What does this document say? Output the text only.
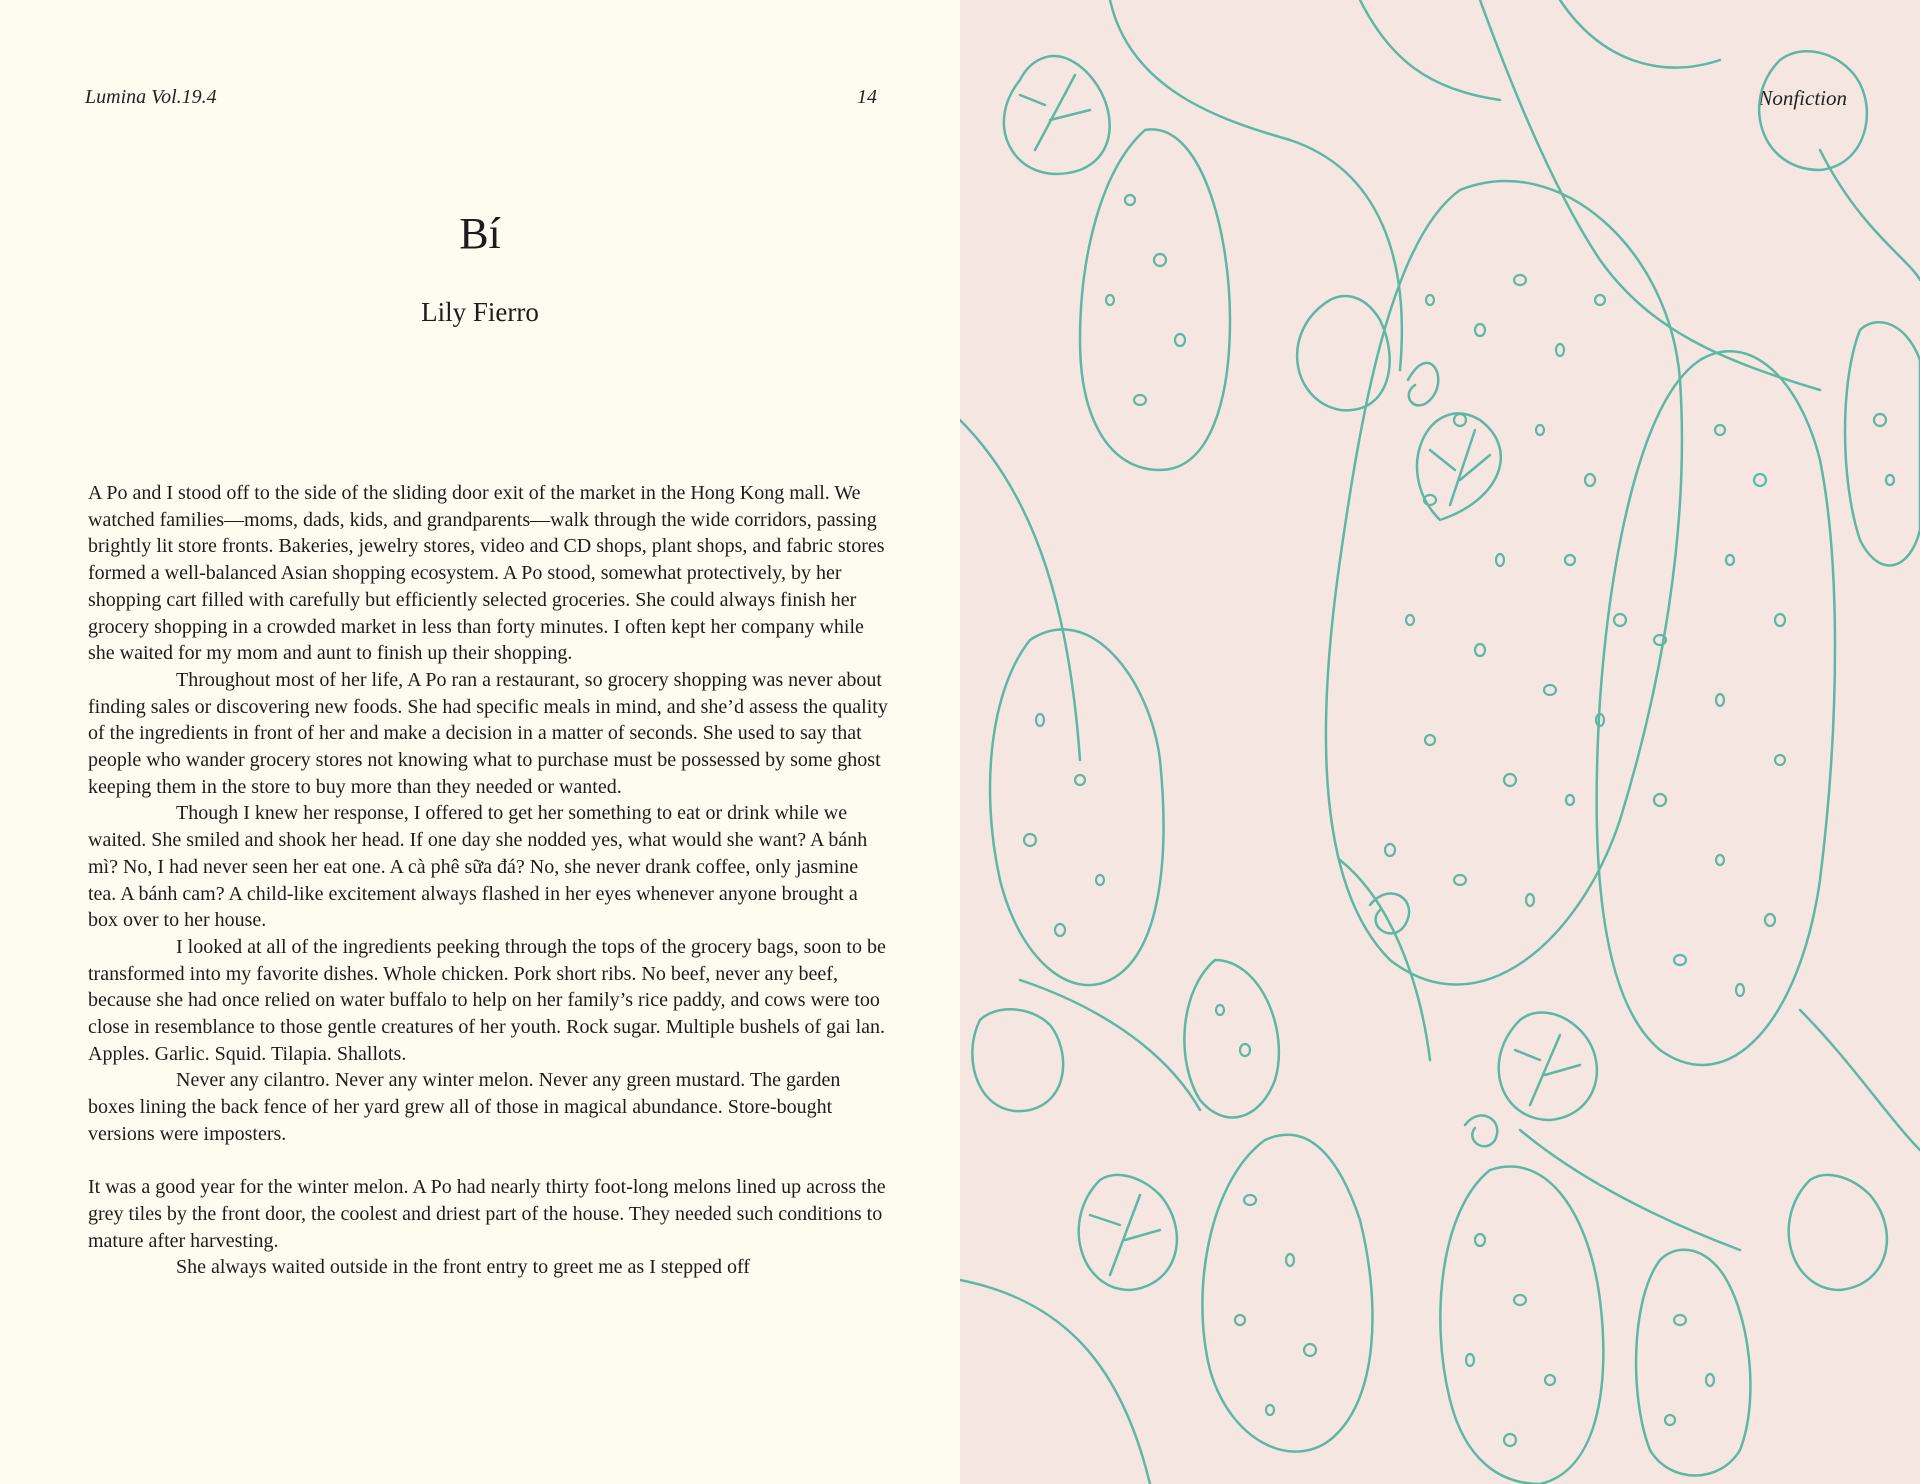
Lumina Vol.19.4	14
Bí
Lily Fierro

A Po and I stood off to the side of the sliding door exit of the market in the Hong Kong mall. We watched families—moms, dads, kids, and grandparents—walk through the wide corridors, passing brightly lit store fronts. Bakeries, jewelry stores, video and CD shops, plant shops, and fabric stores formed a well-balanced Asian shopping ecosystem. A Po stood, somewhat protectively, by her shopping cart filled with carefully but efficiently selected groceries. She could always finish her grocery shopping in a crowded market in less than forty minutes. I often kept her company while she waited for my mom and aunt to finish up their shopping.

Throughout most of her life, A Po ran a restaurant, so grocery shopping was never about finding sales or discovering new foods. She had specific meals in mind, and she’d assess the quality of the ingredients in front of her and make a decision in a matter of seconds. She used to say that people who wander grocery stores not knowing what to purchase must be possessed by some ghost keeping them in the store to buy more than they needed or wanted.

Though I knew her response, I offered to get her something to eat or drink while we waited. She smiled and shook her head. If one day she nodded yes, what would she want? A bánh mì? No, I had never seen her eat one. A cà phê sữa đá? No, she never drank coffee, only jasmine tea. A bánh cam? A child-like excitement always flashed in her eyes whenever anyone brought a box over to her house.

I looked at all of the ingredients peeking through the tops of the grocery bags, soon to be transformed into my favorite dishes. Whole chicken. Pork short ribs. No beef, never any beef, because she had once relied on water buffalo to help on her family’s rice paddy, and cows were too close in resemblance to those gentle creatures of her youth. Rock sugar. Multiple bushels of gai lan. Apples. Garlic. Squid. Tilapia. Shallots.

Never any cilantro. Never any winter melon. Never any green mustard. The garden boxes lining the back fence of her yard grew all of those in magical abundance. Store-bought versions were imposters.

It was a good year for the winter melon. A Po had nearly thirty foot-long melons lined up across the grey tiles by the front door, the coolest and driest part of the house. They needed such conditions to mature after harvesting.

She always waited outside in the front entry to greet me as I stepped off

Nonfiction
